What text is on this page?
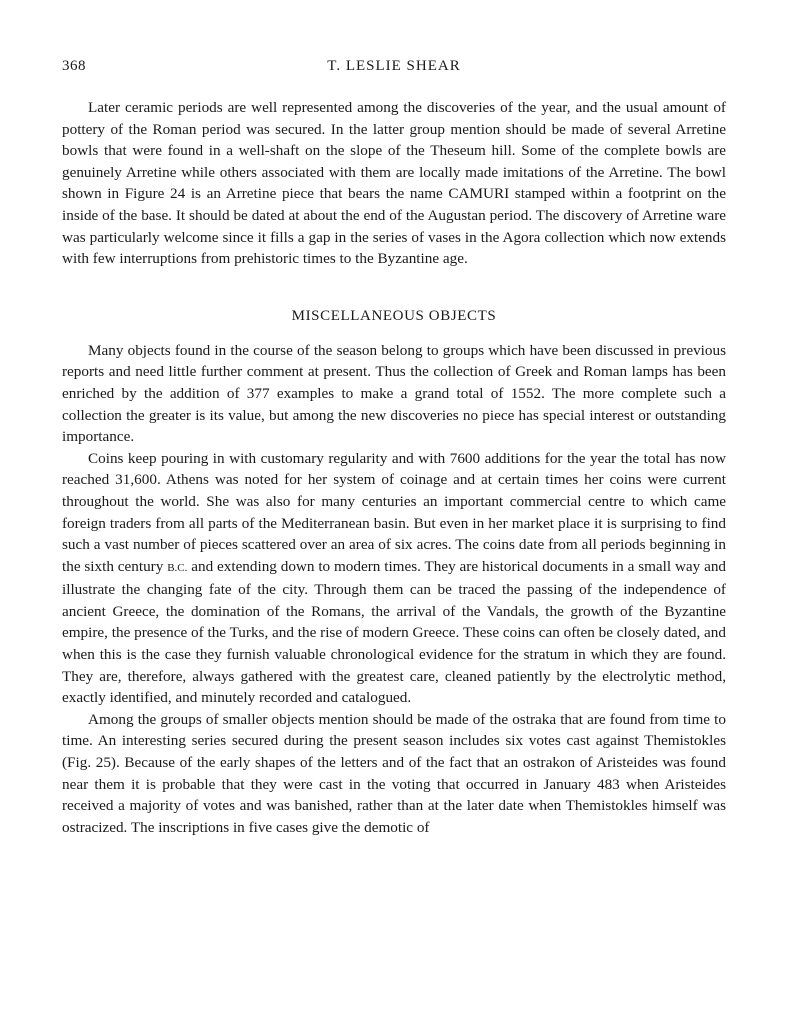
368	T. LESLIE SHEAR

Later ceramic periods are well represented among the discoveries of the year, and the usual amount of pottery of the Roman period was secured. In the latter group mention should be made of several Arretine bowls that were found in a well-shaft on the slope of the Theseum hill. Some of the complete bowls are genuinely Arretine while others associated with them are locally made imitations of the Arretine. The bowl shown in Figure 24 is an Arretine piece that bears the name CAMURI stamped within a footprint on the inside of the base. It should be dated at about the end of the Augustan period. The discovery of Arretine ware was particularly welcome since it fills a gap in the series of vases in the Agora collection which now extends with few interruptions from prehistoric times to the Byzantine age.

MISCELLANEOUS OBJECTS

Many objects found in the course of the season belong to groups which have been discussed in previous reports and need little further comment at present. Thus the collection of Greek and Roman lamps has been enriched by the addition of 377 examples to make a grand total of 1552. The more complete such a collection the greater is its value, but among the new discoveries no piece has special interest or outstanding importance.

Coins keep pouring in with customary regularity and with 7600 additions for the year the total has now reached 31,600. Athens was noted for her system of coinage and at certain times her coins were current throughout the world. She was also for many centuries an important commercial centre to which came foreign traders from all parts of the Mediterranean basin. But even in her market place it is surprising to find such a vast number of pieces scattered over an area of six acres. The coins date from all periods beginning in the sixth century B.C. and extending down to modern times. They are historical documents in a small way and illustrate the changing fate of the city. Through them can be traced the passing of the independence of ancient Greece, the domination of the Romans, the arrival of the Vandals, the growth of the Byzantine empire, the presence of the Turks, and the rise of modern Greece. These coins can often be closely dated, and when this is the case they furnish valuable chronological evidence for the stratum in which they are found. They are, therefore, always gathered with the greatest care, cleaned patiently by the electrolytic method, exactly identified, and minutely recorded and catalogued.

Among the groups of smaller objects mention should be made of the ostraka that are found from time to time. An interesting series secured during the present season includes six votes cast against Themistokles (Fig. 25). Because of the early shapes of the letters and of the fact that an ostrakon of Aristeides was found near them it is probable that they were cast in the voting that occurred in January 483 when Aristeides received a majority of votes and was banished, rather than at the later date when Themistokles himself was ostracized. The inscriptions in five cases give the demotic of
